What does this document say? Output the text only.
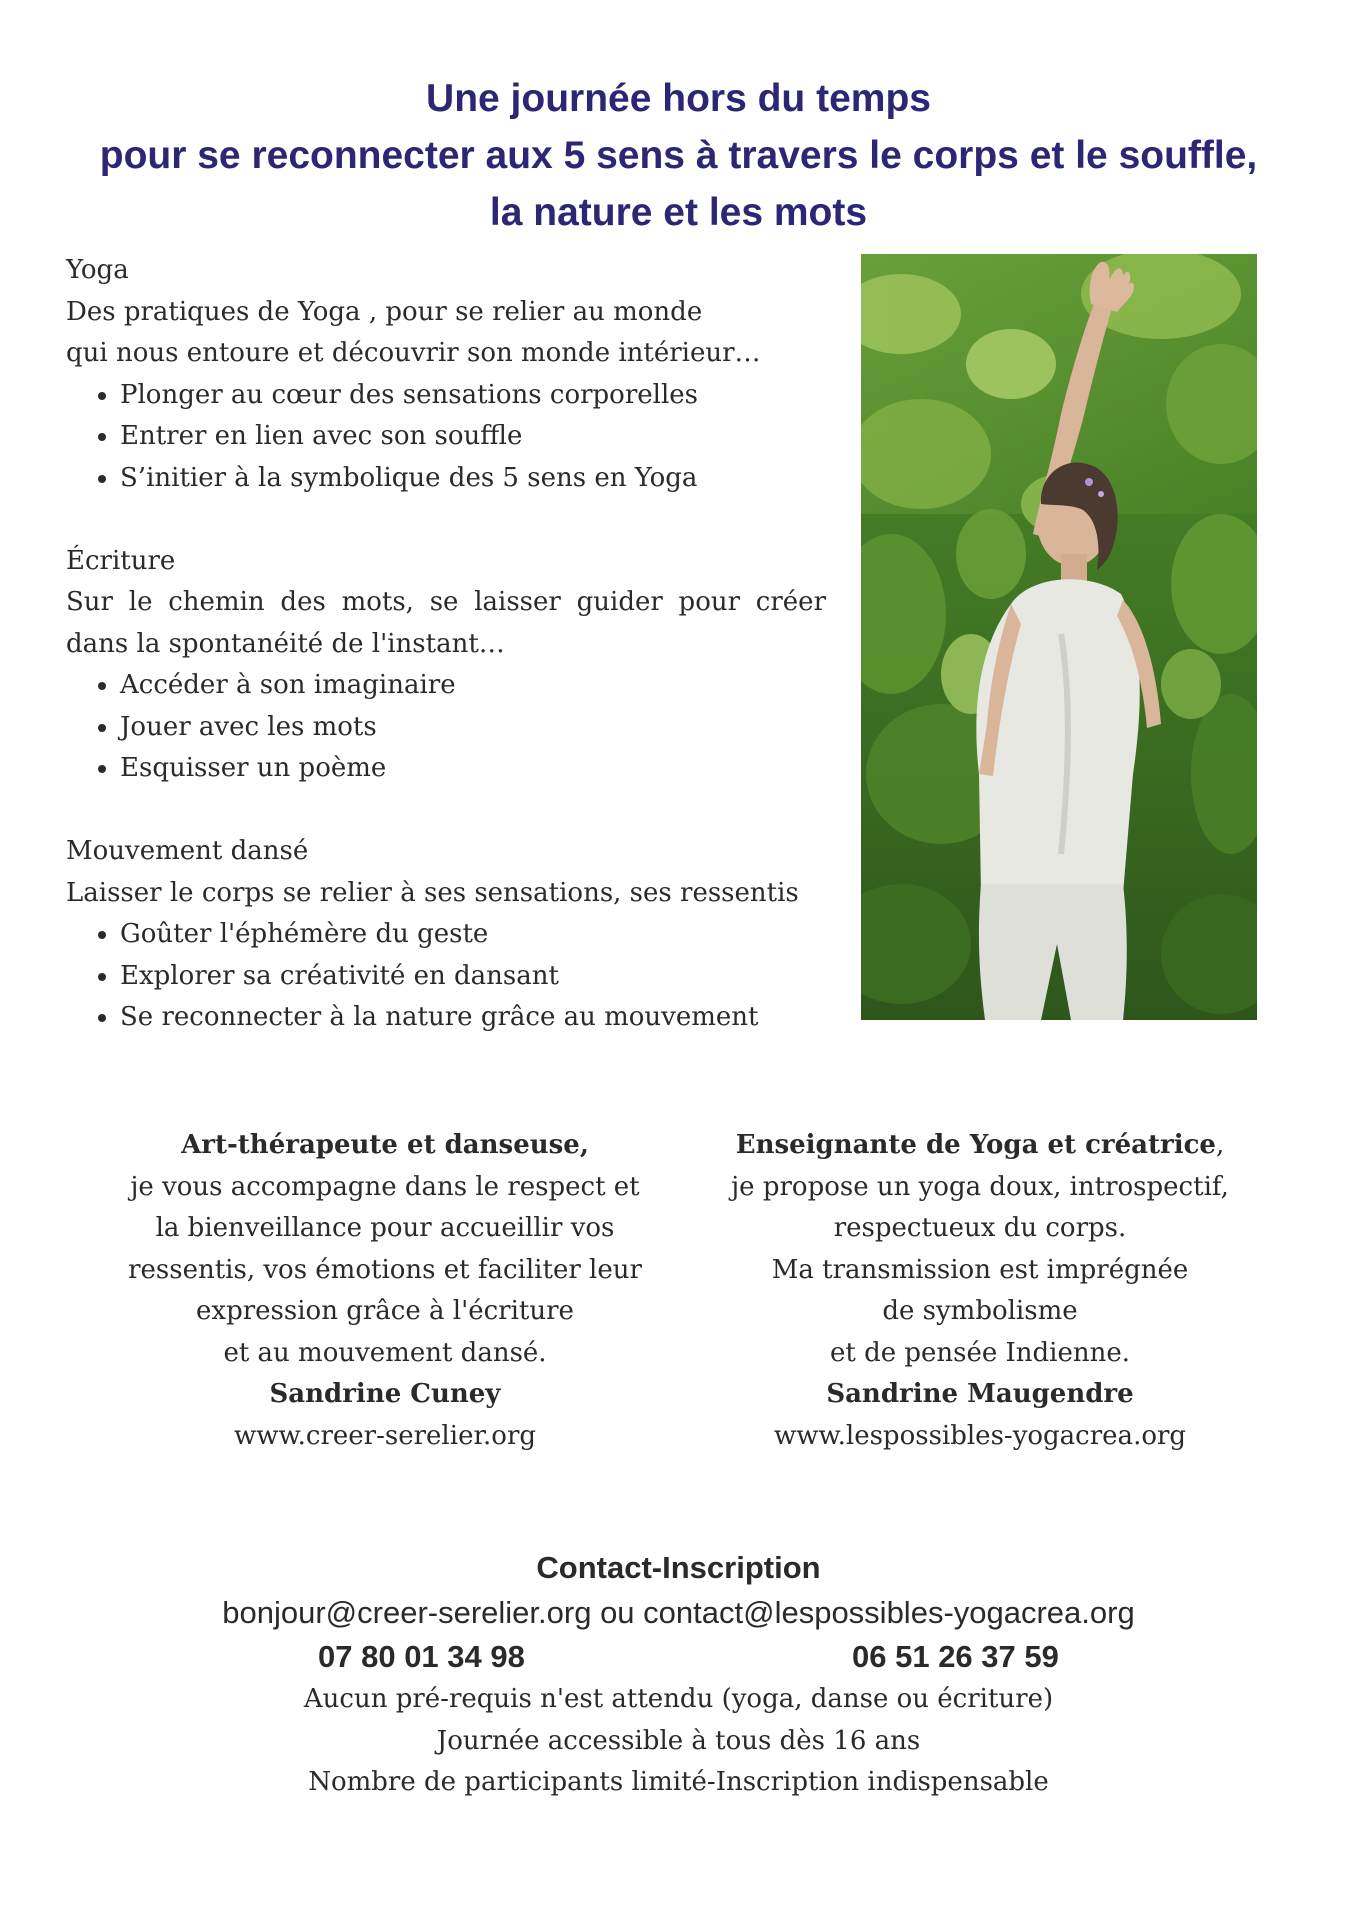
Une journée hors du temps
pour se reconnecter aux 5 sens à travers le corps et le souffle,
la nature et les mots

Yoga

Des pratiques de Yoga , pour se relier au monde

qui nous entoure et découvrir son monde intérieur…

• Plonger au cœur des sensations corporelles
• Entrer en lien avec son souffle
• S’initier à la symbolique des 5 sens en Yoga

Écriture

Sur le chemin des mots, se laisser guider pour créer

dans la spontanéité de l'instant…

• Accéder à son imaginaire
• Jouer avec les mots
• Esquisser un poème

Mouvement dansé

Laisser le corps se relier à ses sensations, ses ressentis

• Goûter l'éphémère du geste
• Explorer sa créativité en dansant
• Se reconnecter à la nature grâce au mouvement
Art-thérapeute et danseuse,
je vous accompagne dans le respect et
la bienveillance pour accueillir vos
ressentis, vos émotions et faciliter leur
expression grâce à l'écriture
et au mouvement dansé.
Sandrine Cuney
www.creer-serelier.org
Enseignante de Yoga et créatrice,
je propose un yoga doux, introspectif,
respectueux du corps.
Ma transmission est imprégnée
de symbolisme
et de pensée Indienne.
Sandrine Maugendre
www.lespossibles-yogacrea.org
Contact-Inscription
bonjour@creer-serelier.org ou contact@lespossibles-yogacrea.org
07 80 01 34 98	06 51 26 37 59
Aucun pré-requis n'est attendu (yoga, danse ou écriture)
Journée accessible à tous dès 16 ans
Nombre de participants limité-Inscription indispensable
